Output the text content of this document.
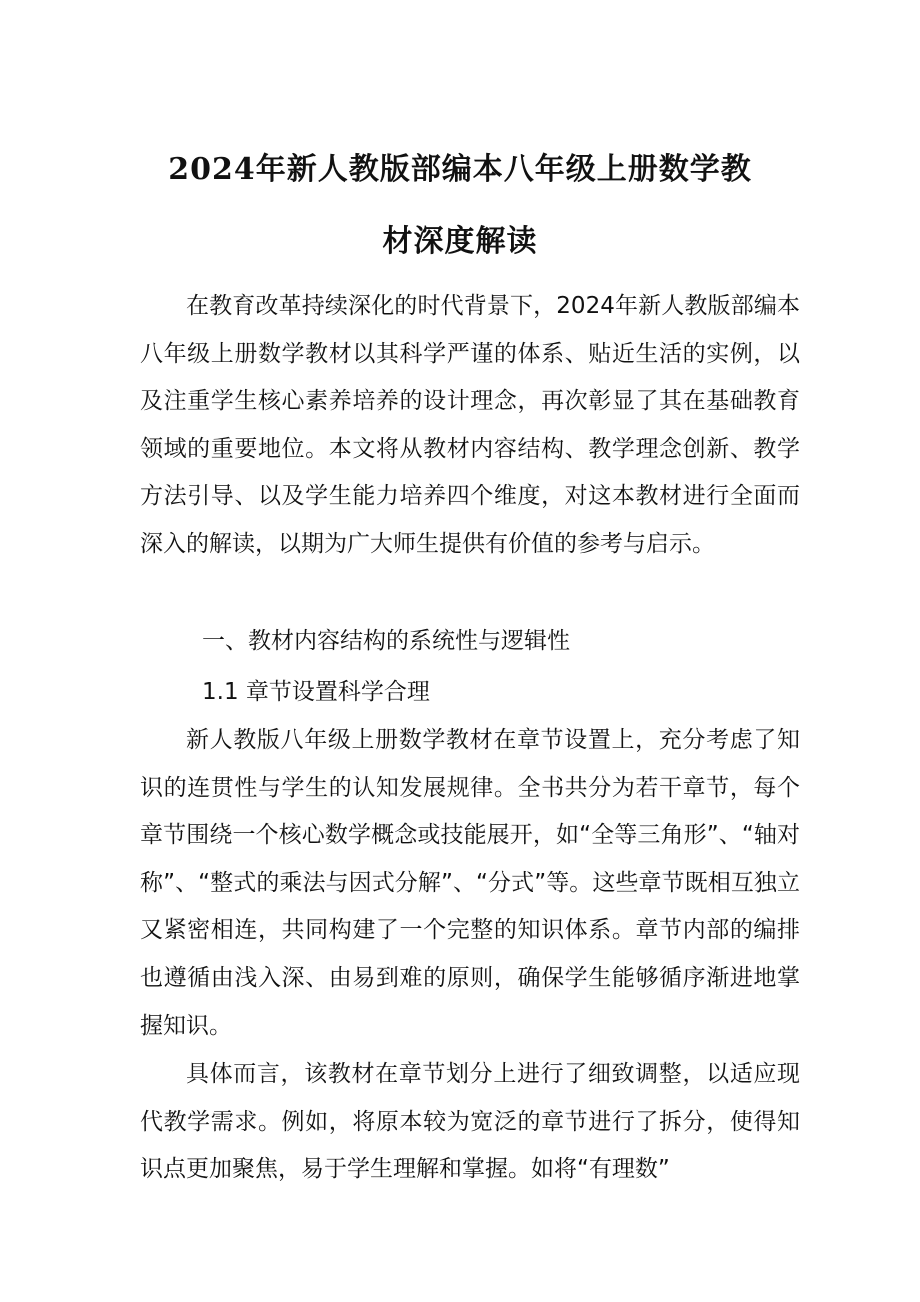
2024年新人教版部编本八年级上册数学教
材深度解读

在教育改革持续深化的时代背景下，2024年新人教版部编本八年级上册数学教材以其科学严谨的体系、贴近生活的实例，以及注重学生核心素养培养的设计理念，再次彰显了其在基础教育领域的重要地位。本文将从教材内容结构、教学理念创新、教学方法引导、以及学生能力培养四个维度，对这本教材进行全面而深入的解读，以期为广大师生提供有价值的参考与启示。

一、教材内容结构的系统性与逻辑性
1.1 章节设置科学合理

新人教版八年级上册数学教材在章节设置上，充分考虑了知识的连贯性与学生的认知发展规律。全书共分为若干章节，每个章节围绕一个核心数学概念或技能展开，如“全等三角形”、“轴对称”、“整式的乘法与因式分解”、“分式”等。这些章节既相互独立又紧密相连，共同构建了一个完整的知识体系。章节内部的编排也遵循由浅入深、由易到难的原则，确保学生能够循序渐进地掌握知识。

具体而言，该教材在章节划分上进行了细致调整，以适应现代教学需求。例如，将原本较为宽泛的章节进行了拆分，使得知识点更加聚焦，易于学生理解和掌握。如将“有理数”
